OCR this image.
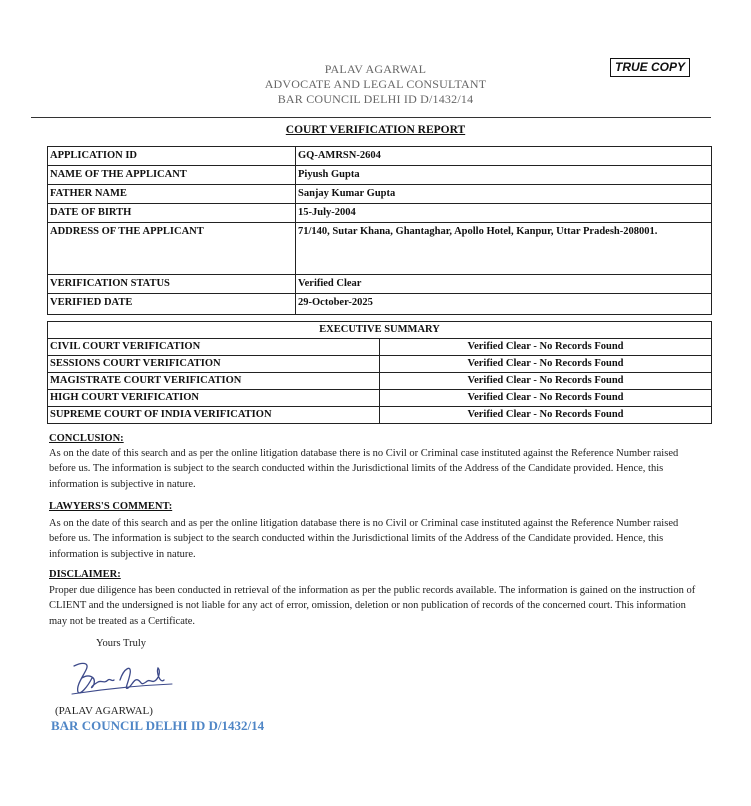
TRUE COPY
PALAV AGARWAL
ADVOCATE AND LEGAL CONSULTANT
BAR COUNCIL DELHI ID D/1432/14
COURT VERIFICATION REPORT
APPLICATION ID	GQ-AMRSN-2604
NAME OF THE APPLICANT	Piyush Gupta
FATHER NAME	Sanjay Kumar Gupta
DATE OF BIRTH	15-July-2004
ADDRESS OF THE APPLICANT	71/140, Sutar Khana, Ghantaghar, Apollo Hotel, Kanpur, Uttar Pradesh-208001.
VERIFICATION STATUS	Verified Clear
VERIFIED DATE	29-October-2025
EXECUTIVE SUMMARY	
CIVIL COURT VERIFICATION	Verified Clear - No Records Found
SESSIONS COURT VERIFICATION	Verified Clear - No Records Found
MAGISTRATE COURT VERIFICATION	Verified Clear - No Records Found
HIGH COURT VERIFICATION	Verified Clear - No Records Found
SUPREME COURT OF INDIA VERIFICATION	Verified Clear - No Records Found
CONCLUSION:
As on the date of this search and as per the online litigation database there is no Civil or Criminal case instituted against the Reference Number raised before us. The information is subject to the search conducted within the Jurisdictional limits of the Address of the Candidate provided. Hence, this information is subjective in nature.
LAWYERS'S COMMENT:
As on the date of this search and as per the online litigation database there is no Civil or Criminal case instituted against the Reference Number raised before us. The information is subject to the search conducted within the Jurisdictional limits of the Address of the Candidate provided. Hence, this information is subjective in nature.
DISCLAIMER:
Proper due diligence has been conducted in retrieval of the information as per the public records available. The information is gained on the instruction of CLIENT and the undersigned is not liable for any act of error, omission, deletion or non publication of records of the concerned court. This information may not be treated as a Certificate.
Yours Truly
(PALAV AGARWAL)
BAR COUNCIL DELHI ID D/1432/14
